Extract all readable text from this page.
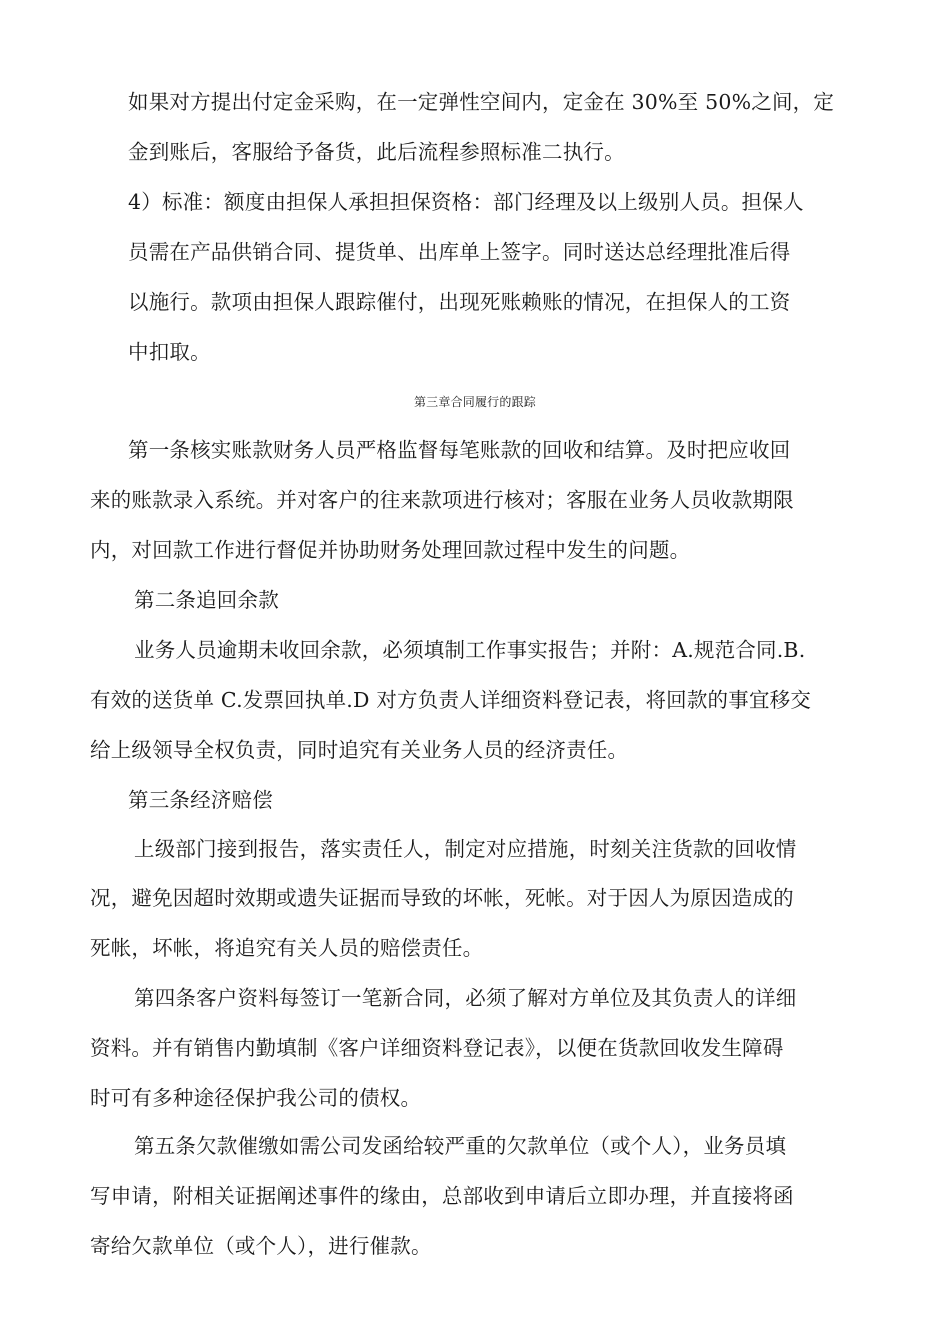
如果对方提出付定金采购，在一定弹性空间内，定金在 30%至 50%之间，定
金到账后，客服给予备货，此后流程参照标准二执行。
4）标准：额度由担保人承担担保资格：部门经理及以上级别人员。担保人
员需在产品供销合同、提货单、出库单上签字。同时送达总经理批准后得
以施行。款项由担保人跟踪催付，出现死账赖账的情况，在担保人的工资
中扣取。
第三章合同履行的跟踪
第一条核实账款财务人员严格监督每笔账款的回收和结算。及时把应收回
来的账款录入系统。并对客户的往来款项进行核对；客服在业务人员收款期限
内，对回款工作进行督促并协助财务处理回款过程中发生的问题。
第二条追回余款
业务人员逾期未收回余款，必须填制工作事实报告；并附：A.规范合同.B.
有效的送货单 C.发票回执单.D 对方负责人详细资料登记表，将回款的事宜移交
给上级领导全权负责，同时追究有关业务人员的经济责任。
第三条经济赔偿
上级部门接到报告，落实责任人，制定对应措施，时刻关注货款的回收情
况，避免因超时效期或遗失证据而导致的坏帐，死帐。对于因人为原因造成的
死帐，坏帐，将追究有关人员的赔偿责任。
第四条客户资料每签订一笔新合同，必须了解对方单位及其负责人的详细
资料。并有销售内勤填制《客户详细资料登记表》，以便在货款回收发生障碍
时可有多种途径保护我公司的债权。
第五条欠款催缴如需公司发函给较严重的欠款单位（或个人），业务员填
写申请，附相关证据阐述事件的缘由，总部收到申请后立即办理，并直接将函
寄给欠款单位（或个人），进行催款。
